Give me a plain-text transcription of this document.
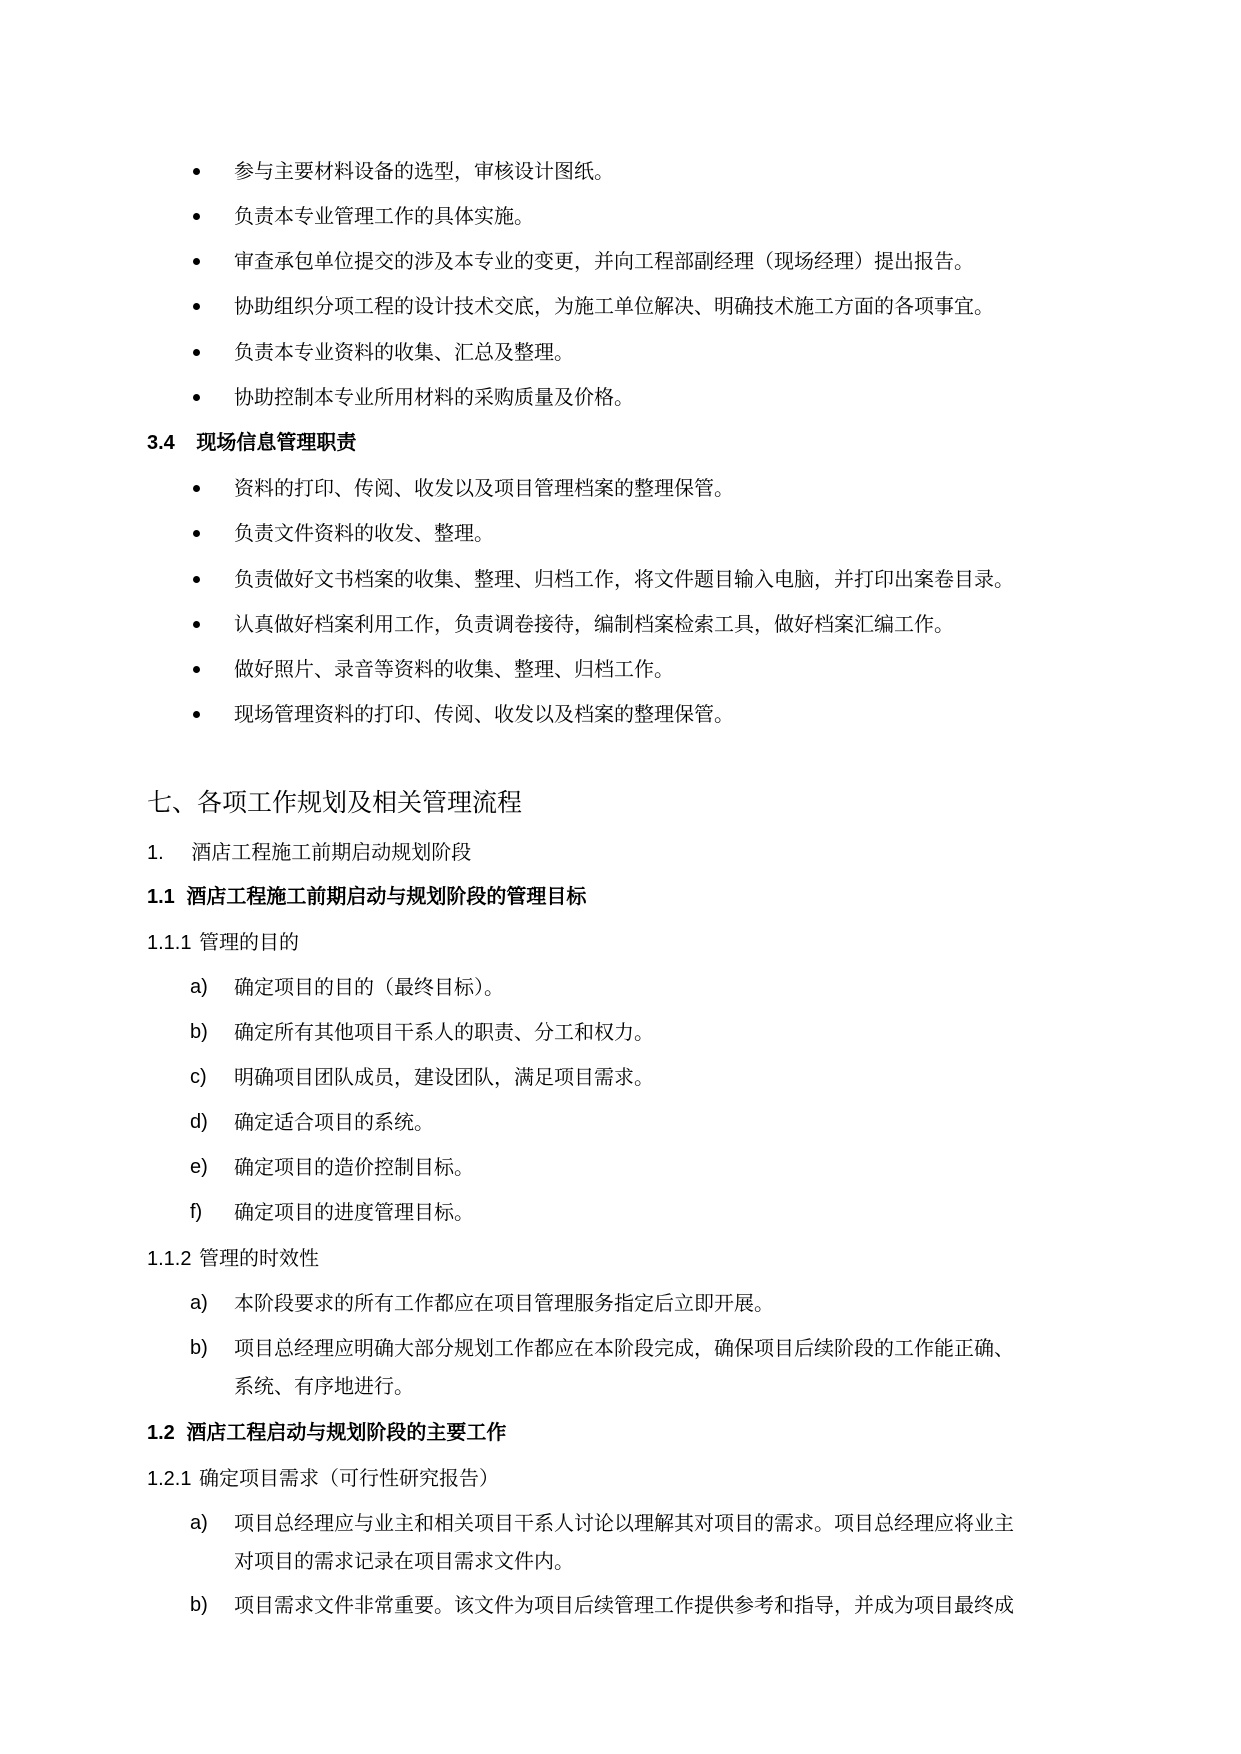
参与主要材料设备的选型，审核设计图纸。
负责本专业管理工作的具体实施。
审查承包单位提交的涉及本专业的变更，并向工程部副经理（现场经理）提出报告。
协助组织分项工程的设计技术交底，为施工单位解决、明确技术施工方面的各项事宜。
负责本专业资料的收集、汇总及整理。
协助控制本专业所用材料的采购质量及价格。
3.4 现场信息管理职责
资料的打印、传阅、收发以及项目管理档案的整理保管。
负责文件资料的收发、整理。
负责做好文书档案的收集、整理、归档工作，将文件题目输入电脑，并打印出案卷目录。
认真做好档案利用工作，负责调卷接待，编制档案检索工具，做好档案汇编工作。
做好照片、录音等资料的收集、整理、归档工作。
现场管理资料的打印、传阅、收发以及档案的整理保管。
七、各项工作规划及相关管理流程
1. 酒店工程施工前期启动规划阶段
1.1 酒店工程施工前期启动与规划阶段的管理目标
1.1.1 管理的目的
a) 确定项目的目的（最终目标）。
b) 确定所有其他项目干系人的职责、分工和权力。
c) 明确项目团队成员，建设团队，满足项目需求。
d) 确定适合项目的系统。
e) 确定项目的造价控制目标。
f) 确定项目的进度管理目标。
1.1.2 管理的时效性
a) 本阶段要求的所有工作都应在项目管理服务指定后立即开展。
b) 项目总经理应明确大部分规划工作都应在本阶段完成，确保项目后续阶段的工作能正确、
系统、有序地进行。
1.2 酒店工程启动与规划阶段的主要工作
1.2.1 确定项目需求（可行性研究报告）
a) 项目总经理应与业主和相关项目干系人讨论以理解其对项目的需求。项目总经理应将业主
对项目的需求记录在项目需求文件内。
b) 项目需求文件非常重要。该文件为项目后续管理工作提供参考和指导，并成为项目最终成
